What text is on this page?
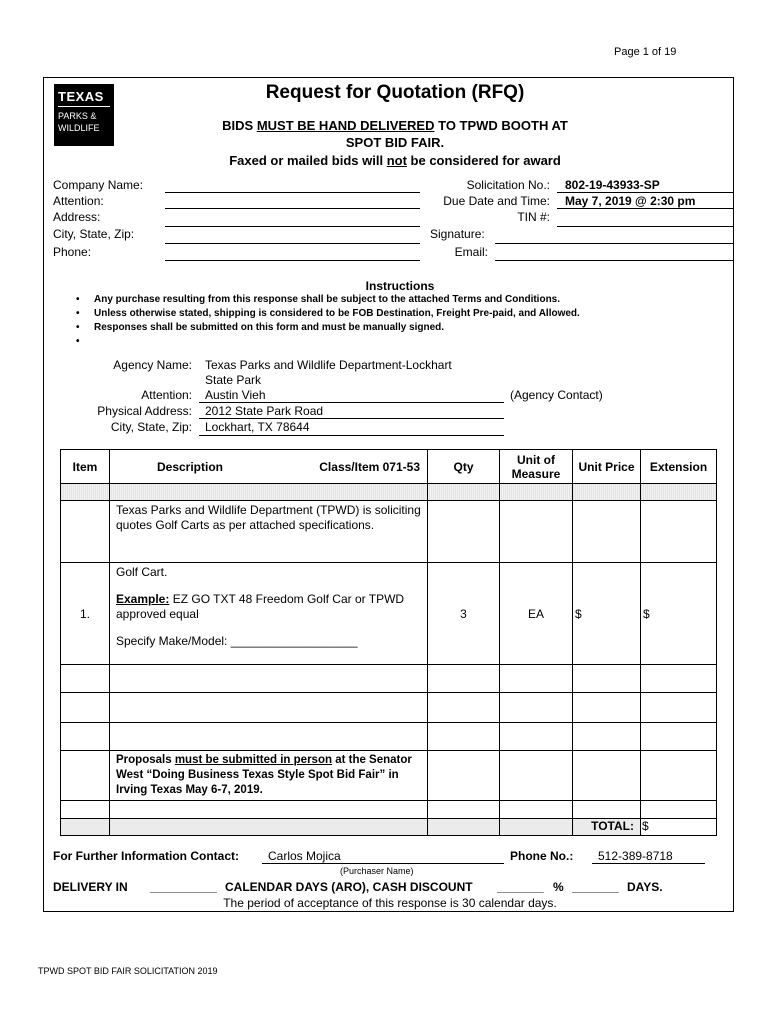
Page 1 of 19
TEXAS
PARKS &
WILDLIFE
Request for Quotation (RFQ)
BIDS MUST BE HAND DELIVERED TO TPWD BOOTH AT
SPOT BID FAIR.
Faxed or mailed bids will not be considered for award
Company Name:
Attention:
Address:
City, State, Zip:
Phone:
Solicitation No.: 802-19-43933-SP
Due Date and Time: May 7, 2019 @ 2:30 pm
TIN #:
Signature:
Email:
Instructions
• Any purchase resulting from this response shall be subject to the attached Terms and Conditions.
• Unless otherwise stated, shipping is considered to be FOB Destination, Freight Pre-paid, and Allowed.
• Responses shall be submitted on this form and must be manually signed.
•
Agency Name: Texas Parks and Wildlife Department-Lockhart
State Park
Attention: Austin Vieh	(Agency Contact)
Physical Address: 2012 State Park Road
City, State, Zip: Lockhart, TX 78644
Item	Description Class/Item 071-53	Qty	Unit of Measure	Unit Price	Extension

	Texas Parks and Wildlife Department (TPWD) is soliciting quotes Golf Carts as per attached specifications.				
1.	Golf Cart.
Example: EZ GO TXT 48 Freedom Golf Car or TPWD approved equal
Specify Make/Model: ___________________	3	EA	$	$

	Proposals must be submitted in person at the Senator West “Doing Business Texas Style Spot Bid Fair” in Irving Texas May 6-7, 2019.				

				TOTAL:	$
For Further Information Contact: Carlos Mojica
(Purchaser Name)
Phone No.: 512-389-8718
DELIVERY IN __________ CALENDAR DAYS (ARO), CASH DISCOUNT _______ % _______ DAYS.
The period of acceptance of this response is 30 calendar days.
TPWD SPOT BID FAIR SOLICITATION 2019
